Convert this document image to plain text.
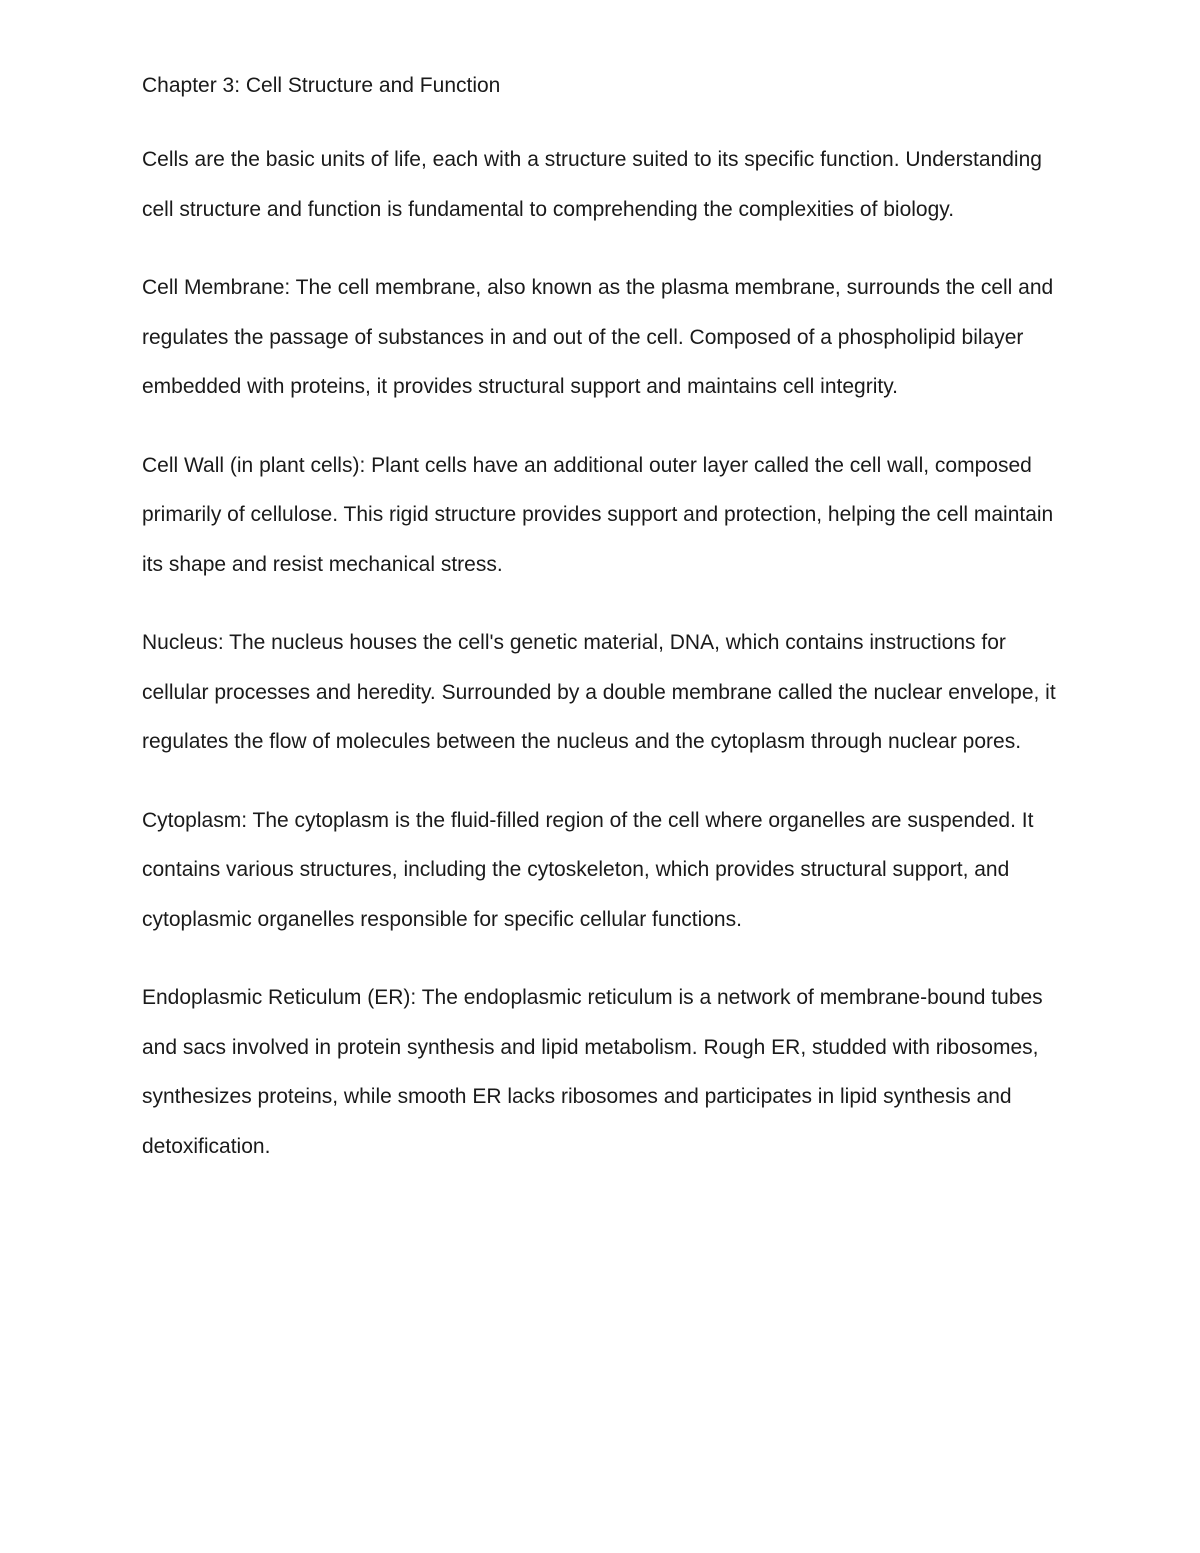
Chapter 3: Cell Structure and Function

Cells are the basic units of life, each with a structure suited to its specific function. Understanding cell structure and function is fundamental to comprehending the complexities of biology.

Cell Membrane: The cell membrane, also known as the plasma membrane, surrounds the cell and regulates the passage of substances in and out of the cell. Composed of a phospholipid bilayer embedded with proteins, it provides structural support and maintains cell integrity.

Cell Wall (in plant cells): Plant cells have an additional outer layer called the cell wall, composed primarily of cellulose. This rigid structure provides support and protection, helping the cell maintain its shape and resist mechanical stress.

Nucleus: The nucleus houses the cell's genetic material, DNA, which contains instructions for cellular processes and heredity. Surrounded by a double membrane called the nuclear envelope, it regulates the flow of molecules between the nucleus and the cytoplasm through nuclear pores.

Cytoplasm: The cytoplasm is the fluid-filled region of the cell where organelles are suspended. It contains various structures, including the cytoskeleton, which provides structural support, and cytoplasmic organelles responsible for specific cellular functions.

Endoplasmic Reticulum (ER): The endoplasmic reticulum is a network of membrane-bound tubes and sacs involved in protein synthesis and lipid metabolism. Rough ER, studded with ribosomes, synthesizes proteins, while smooth ER lacks ribosomes and participates in lipid synthesis and detoxification.
